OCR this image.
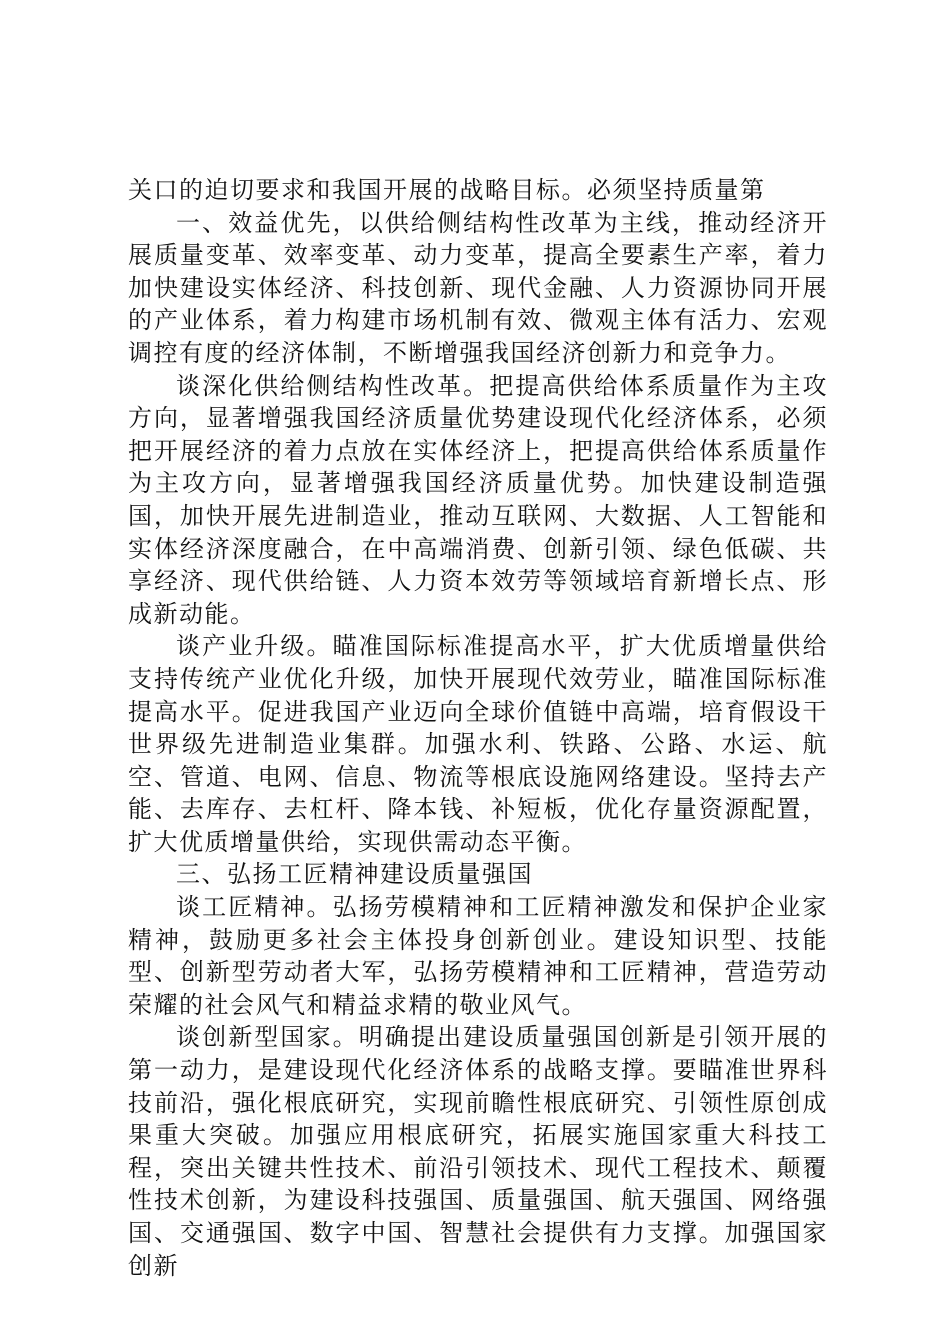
关口的迫切要求和我国开展的战略目标。必须坚持质量第

一、效益优先，以供给侧结构性改革为主线，推动经济开展质量变革、效率变革、动力变革，提高全要素生产率，着力加快建设实体经济、科技创新、现代金融、人力资源协同开展的产业体系，着力构建市场机制有效、微观主体有活力、宏观调控有度的经济体制，不断增强我国经济创新力和竞争力。

谈深化供给侧结构性改革。把提高供给体系质量作为主攻方向，显著增强我国经济质量优势建设现代化经济体系，必须把开展经济的着力点放在实体经济上，把提高供给体系质量作为主攻方向，显著增强我国经济质量优势。加快建设制造强国，加快开展先进制造业，推动互联网、大数据、人工智能和实体经济深度融合，在中高端消费、创新引领、绿色低碳、共享经济、现代供给链、人力资本效劳等领域培育新增长点、形成新动能。

谈产业升级。瞄准国际标准提高水平，扩大优质增量供给支持传统产业优化升级，加快开展现代效劳业，瞄准国际标准提高水平。促进我国产业迈向全球价值链中高端，培育假设干世界级先进制造业集群。加强水利、铁路、公路、水运、航空、管道、电网、信息、物流等根底设施网络建设。坚持去产能、去库存、去杠杆、降本钱、补短板，优化存量资源配置，扩大优质增量供给，实现供需动态平衡。

三、弘扬工匠精神建设质量强国

谈工匠精神。弘扬劳模精神和工匠精神激发和保护企业家精神，鼓励更多社会主体投身创新创业。建设知识型、技能型、创新型劳动者大军，弘扬劳模精神和工匠精神，营造劳动荣耀的社会风气和精益求精的敬业风气。

谈创新型国家。明确提出建设质量强国创新是引领开展的第一动力，是建设现代化经济体系的战略支撑。要瞄准世界科技前沿，强化根底研究，实现前瞻性根底研究、引领性原创成果重大突破。加强应用根底研究，拓展实施国家重大科技工程，突出关键共性技术、前沿引领技术、现代工程技术、颠覆性技术创新，为建设科技强国、质量强国、航天强国、网络强国、交通强国、数字中国、智慧社会提供有力支撑。加强国家创新
